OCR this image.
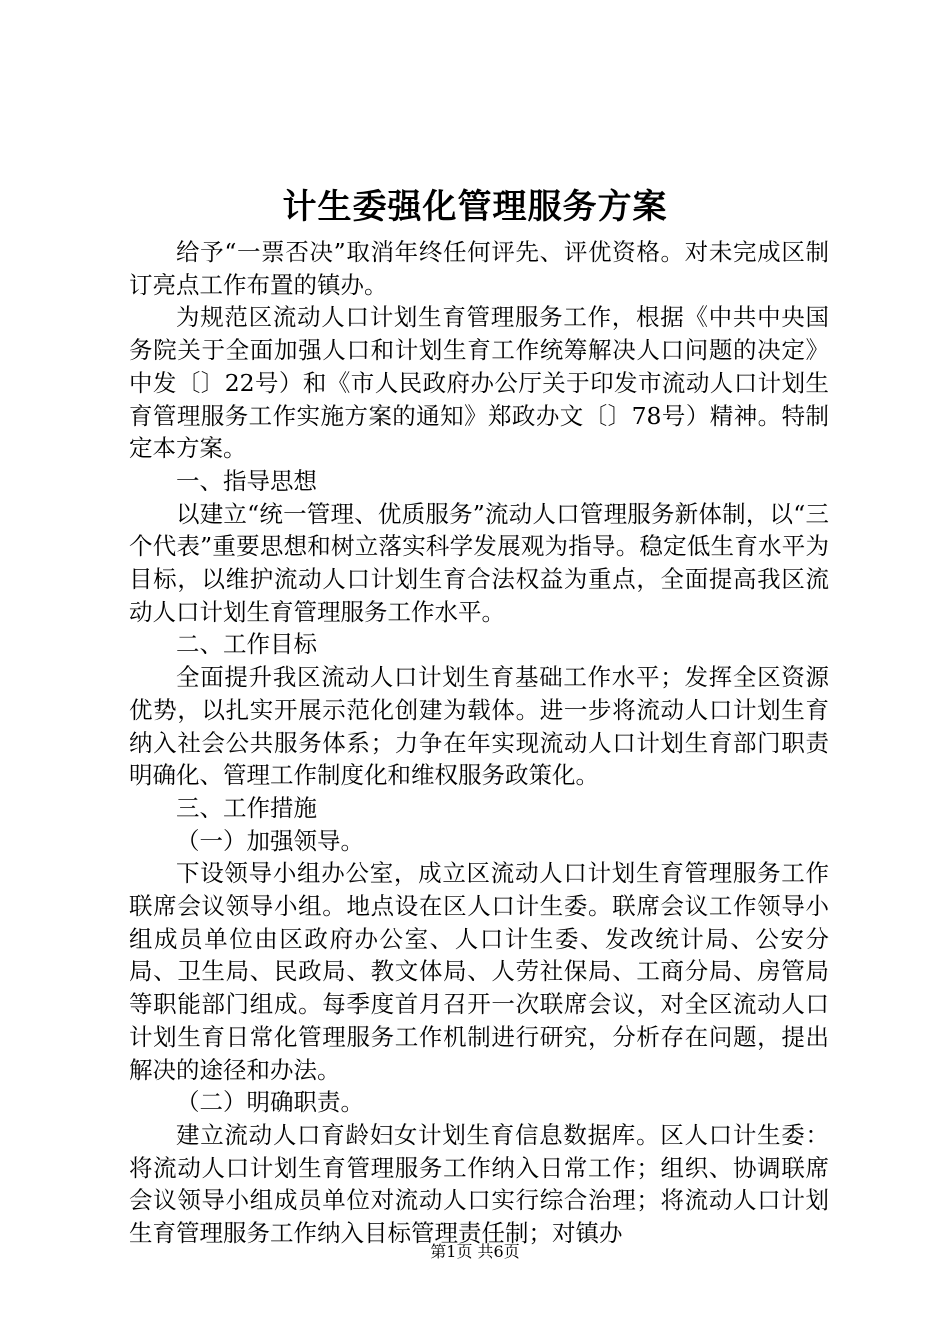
计生委强化管理服务方案

给予“一票否决”取消年终任何评先、评优资格。对未完成区制订亮点工作布置的镇办。

为规范区流动人口计划生育管理服务工作，根据《中共中央国务院关于全面加强人口和计划生育工作统筹解决人口问题的决定》中发〔〕22号）和《市人民政府办公厅关于印发市流动人口计划生育管理服务工作实施方案的通知》郑政办文〔〕78号）精神。特制定本方案。

一、指导思想

以建立“统一管理、优质服务”流动人口管理服务新体制，以“三个代表”重要思想和树立落实科学发展观为指导。稳定低生育水平为目标，以维护流动人口计划生育合法权益为重点，全面提高我区流动人口计划生育管理服务工作水平。

二、工作目标

全面提升我区流动人口计划生育基础工作水平；发挥全区资源优势，以扎实开展示范化创建为载体。进一步将流动人口计划生育纳入社会公共服务体系；力争在年实现流动人口计划生育部门职责明确化、管理工作制度化和维权服务政策化。

三、工作措施

（一）加强领导。

下设领导小组办公室，成立区流动人口计划生育管理服务工作联席会议领导小组。地点设在区人口计生委。联席会议工作领导小组成员单位由区政府办公室、人口计生委、发改统计局、公安分局、卫生局、民政局、教文体局、人劳社保局、工商分局、房管局等职能部门组成。每季度首月召开一次联席会议，对全区流动人口计划生育日常化管理服务工作机制进行研究，分析存在问题，提出解决的途径和办法。

（二）明确职责。

建立流动人口育龄妇女计划生育信息数据库。区人口计生委：将流动人口计划生育管理服务工作纳入日常工作；组织、协调联席会议领导小组成员单位对流动人口实行综合治理；将流动人口计划生育管理服务工作纳入目标管理责任制；对镇办

第1页 共6页
